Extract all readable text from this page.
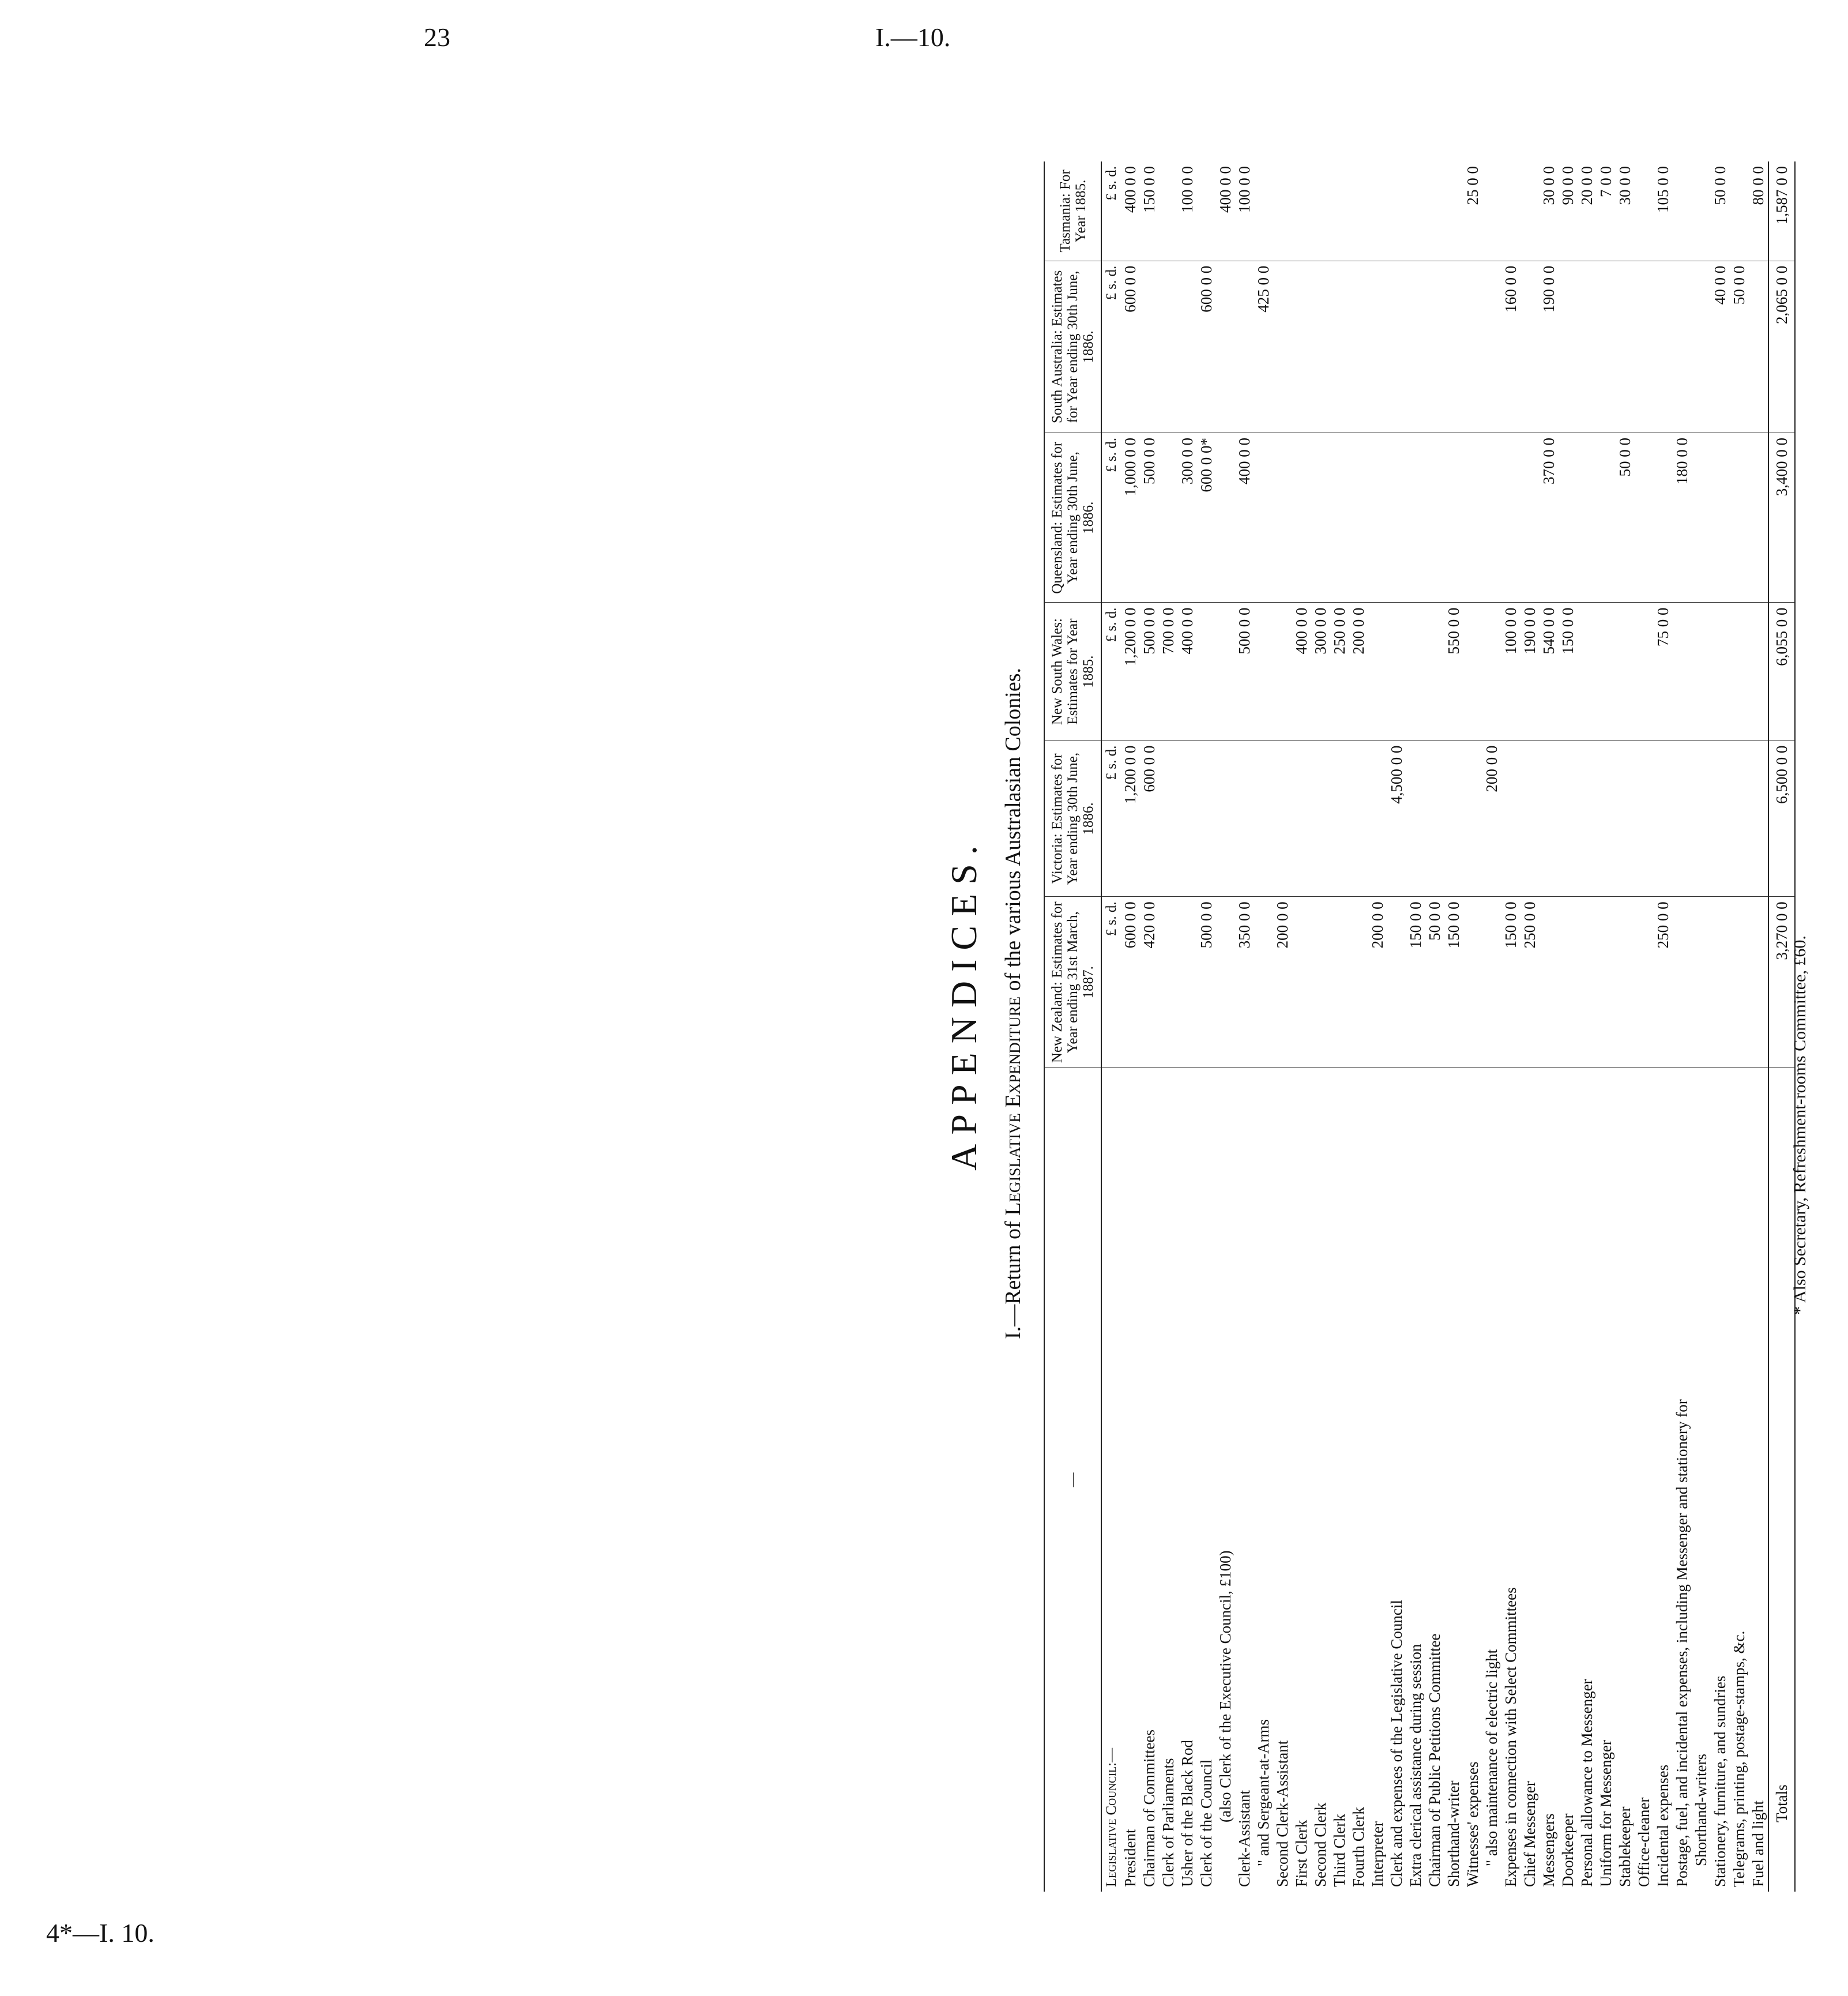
23	I.—10.
4*—I. 10.
APPENDICES.
I.—Return of Legislative Expenditure of the various Australasian Colonies.
—	New Zealand: Estimates for Year ending 31st March, 1887.	Victoria: Estimates for Year ending 30th June, 1886.	New South Wales: Estimates for Year 1885.	Queensland: Estimates for Year ending 30th June, 1886.	South Australia: Estimates for Year ending 30th June, 1886.	Tasmania: For Year 1885.
Legislative Council:—	£ s. d.	£ s. d.	£ s. d.	£ s. d.	£ s. d.	£ s. d.
President	600 0 0	1,200 0 0	1,200 0 0	1,000 0 0	600 0 0	400 0 0
Chairman of Committees	420 0 0	600 0 0	500 0 0	500 0 0		150 0 0
Clerk of Parliaments			700 0 0			
Usher of the Black Rod			400 0 0	300 0 0		100 0 0
Clerk of the Council	500 0 0			600 0 0*	600 0 0	
(also Clerk of the Executive Council, £100)						400 0 0
Clerk-Assistant	350 0 0		500 0 0	400 0 0		100 0 0
" and Sergeant-at-Arms					425 0 0	
Second Clerk-Assistant	200 0 0					
First Clerk			400 0 0			
Second Clerk			300 0 0			
Third Clerk			250 0 0			
Fourth Clerk			200 0 0			
Interpreter	200 0 0					
Clerk and expenses of the Legislative Council		4,500 0 0				
Extra clerical assistance during session	150 0 0					
Chairman of Public Petitions Committee	50 0 0					
Shorthand-writer	150 0 0		550 0 0			
Witnesses' expenses						25 0 0
" also maintenance of electric light		200 0 0				
Expenses in connection with Select Committees	150 0 0		100 0 0		160 0 0	
Chief Messenger	250 0 0		190 0 0			
Messengers			540 0 0	370 0 0	190 0 0	30 0 0
Doorkeeper			150 0 0			90 0 0
Personal allowance to Messenger						20 0 0
Uniform for Messenger						7 0 0
Stablekeeper				50 0 0		30 0 0
Office-cleaner						
Incidental expenses	250 0 0		75 0 0			105 0 0
Postage, fuel, and incidental expenses, including Messenger and stationery for				180 0 0		
Shorthand-writers						
Stationery, furniture, and sundries					40 0 0	50 0 0
Telegrams, printing, postage-stamps, &c.					50 0 0	
Fuel and light						80 0 0
Totals	3,270 0 0	6,500 0 0	6,055 0 0	3,400 0 0	2,065 0 0	1,587 0 0
* Also Secretary, Refreshment-rooms Committee, £60.
